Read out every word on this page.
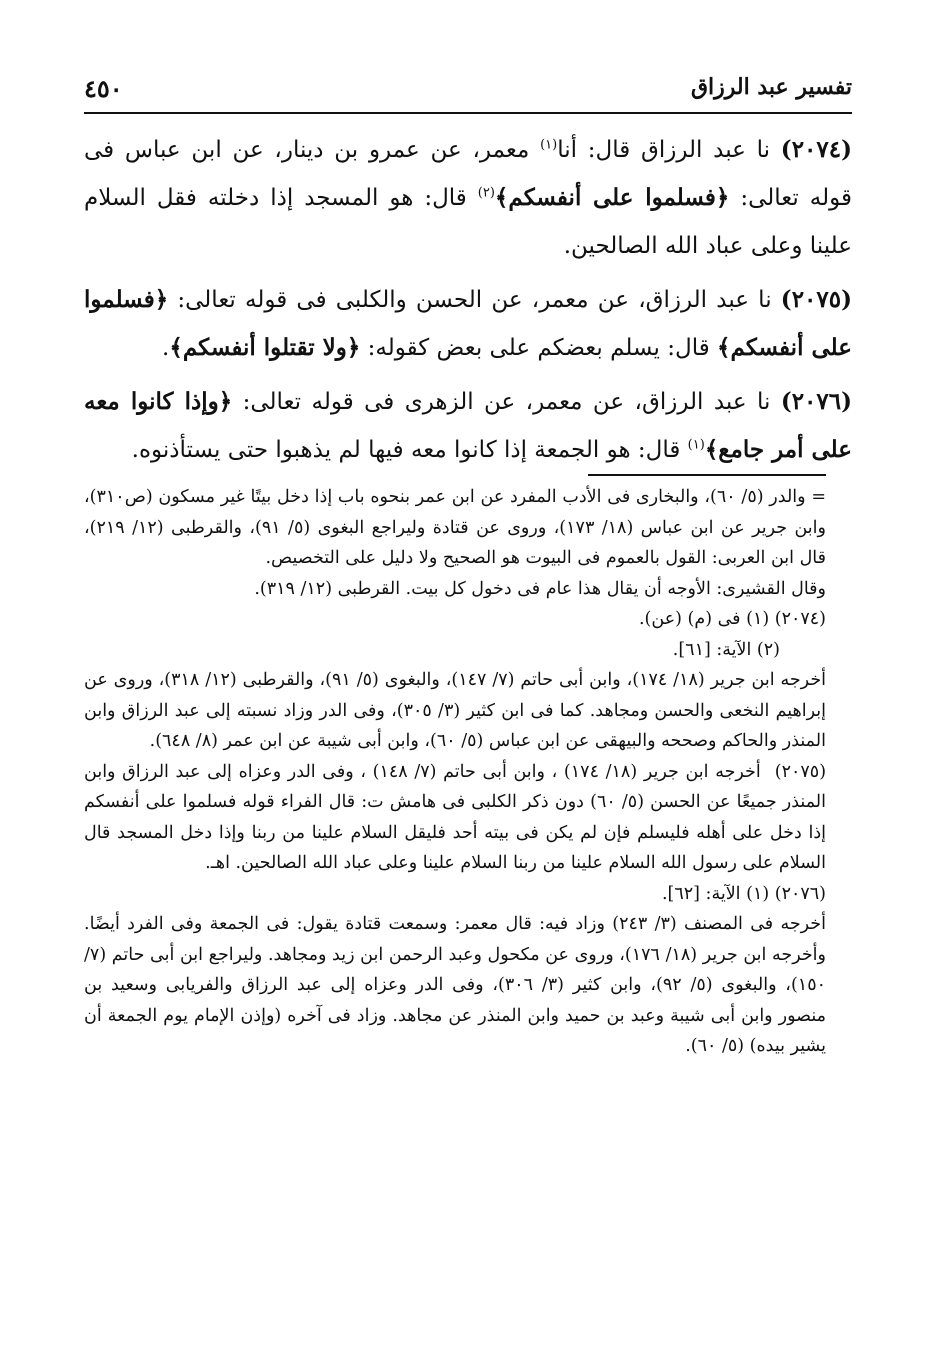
تفسير عبد الرزاق
٤٥٠

(٢٠٧٤) نا عبد الرزاق قال: أنا$^{(١)}$ معمر، عن عمرو بن دينار، عن ابن عباس فى قوله تعالى: ﴿فسلموا على أنفسكم﴾$^{(٢)}$ قال: هو المسجد إذا دخلته فقل السلام علينا وعلى عباد الله الصالحين.

(٢٠٧٥) نا عبد الرزاق، عن معمر، عن الحسن والكلبى فى قوله تعالى: ﴿فسلموا على أنفسكم﴾ قال: يسلم بعضكم على بعض كقوله: ﴿ولا تقتلوا أنفسكم﴾.

(٢٠٧٦) نا عبد الرزاق، عن معمر، عن الزهرى فى قوله تعالى: ﴿وإذا كانوا معه على أمر جامع﴾$^{(١)}$ قال: هو الجمعة إذا كانوا معه فيها لم يذهبوا حتى يستأذنوه.

= والدر (٥/ ٦٠)، والبخارى فى الأدب المفرد عن ابن عمر بنحوه باب إذا دخل بيتًا غير مسكون (ص٣١٠)، وابن جرير عن ابن عباس (١٨/ ١٧٣)، وروى عن قتادة وليراجع البغوى (٥/ ٩١)، والقرطبى (١٢/ ٢١٩)، قال ابن العربى: القول بالعموم فى البيوت هو الصحيح ولا دليل على التخصيص.

وقال القشيرى: الأوجه أن يقال هذا عام فى دخول كل بيت. القرطبى (١٢/ ٣١٩).

(٢٠٧٤) (١) فى (م) (عن).

(٢) الآية: [٦١].

أخرجه ابن جرير (١٨/ ١٧٤)، وابن أبى حاتم (٧/ ١٤٧)، والبغوى (٥/ ٩١)، والقرطبى (١٢/ ٣١٨)، وروى عن إبراهيم النخعى والحسن ومجاهد. كما فى ابن كثير (٣/ ٣٠٥)، وفى الدر وزاد نسبته إلى عبد الرزاق وابن المنذر والحاكم وصححه والبيهقى عن ابن عباس (٥/ ٦٠)، وابن أبى شيبة عن ابن عمر (٨/ ٦٤٨).

(٢٠٧٥)أخرجه ابن جرير (١٨/ ١٧٤) ، وابن أبى حاتم (٧/ ١٤٨) ، وفى الدر وعزاه إلى عبد الرزاق وابن المنذر جميعًا عن الحسن (٥/ ٦٠) دون ذكر الكلبى فى هامش ت: قال الفراء قوله فسلموا على أنفسكم إذا دخل على أهله فليسلم فإن لم يكن فى بيته أحد فليقل السلام علينا من ربنا وإذا دخل المسجد قال السلام على رسول الله السلام علينا من ربنا السلام علينا وعلى عباد الله الصالحين. اهـ.

(٢٠٧٦) (١) الآية: [٦٢].

أخرجه فى المصنف (٣/ ٢٤٣) وزاد فيه: قال معمر: وسمعت قتادة يقول: فى الجمعة وفى الفرد أيضًا. وأخرجه ابن جرير (١٨/ ١٧٦)، وروى عن مكحول وعبد الرحمن ابن زيد ومجاهد. وليراجع ابن أبى حاتم (٧/ ١٥٠)، والبغوى (٥/ ٩٢)، وابن كثير (٣/ ٣٠٦)، وفى الدر وعزاه إلى عبد الرزاق والفريابى وسعيد بن منصور وابن أبى شيبة وعبد بن حميد وابن المنذر عن مجاهد. وزاد فى آخره (وإذن الإمام يوم الجمعة أن يشير بيده) (٥/ ٦٠).
